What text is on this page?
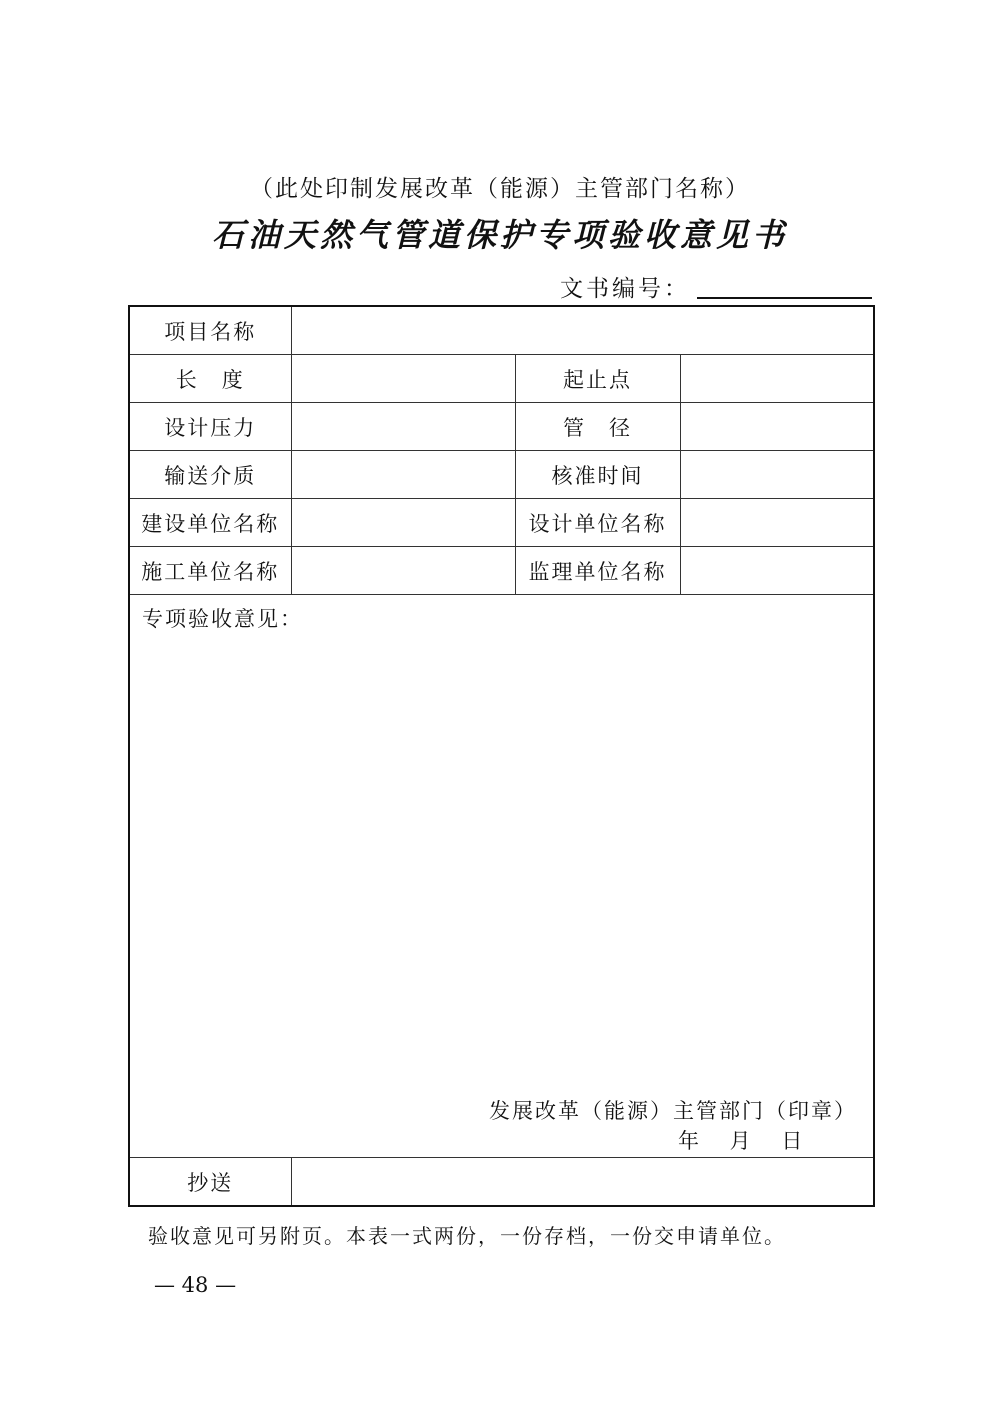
（此处印制发展改革（能源）主管部门名称）
石油天然气管道保护专项验收意见书
文书编号：
项目名称			
长　度		起止点	
设计压力		管　径	
输送介质		核准时间	
建设单位名称		设计单位名称	
施工单位名称		监理单位名称	

专项验收意见：
发展改革（能源）主管部门（印章）
年 月 日			

抄送			
验收意见可另附页。本表一式两份，一份存档，一份交申请单位。
— 48 —
